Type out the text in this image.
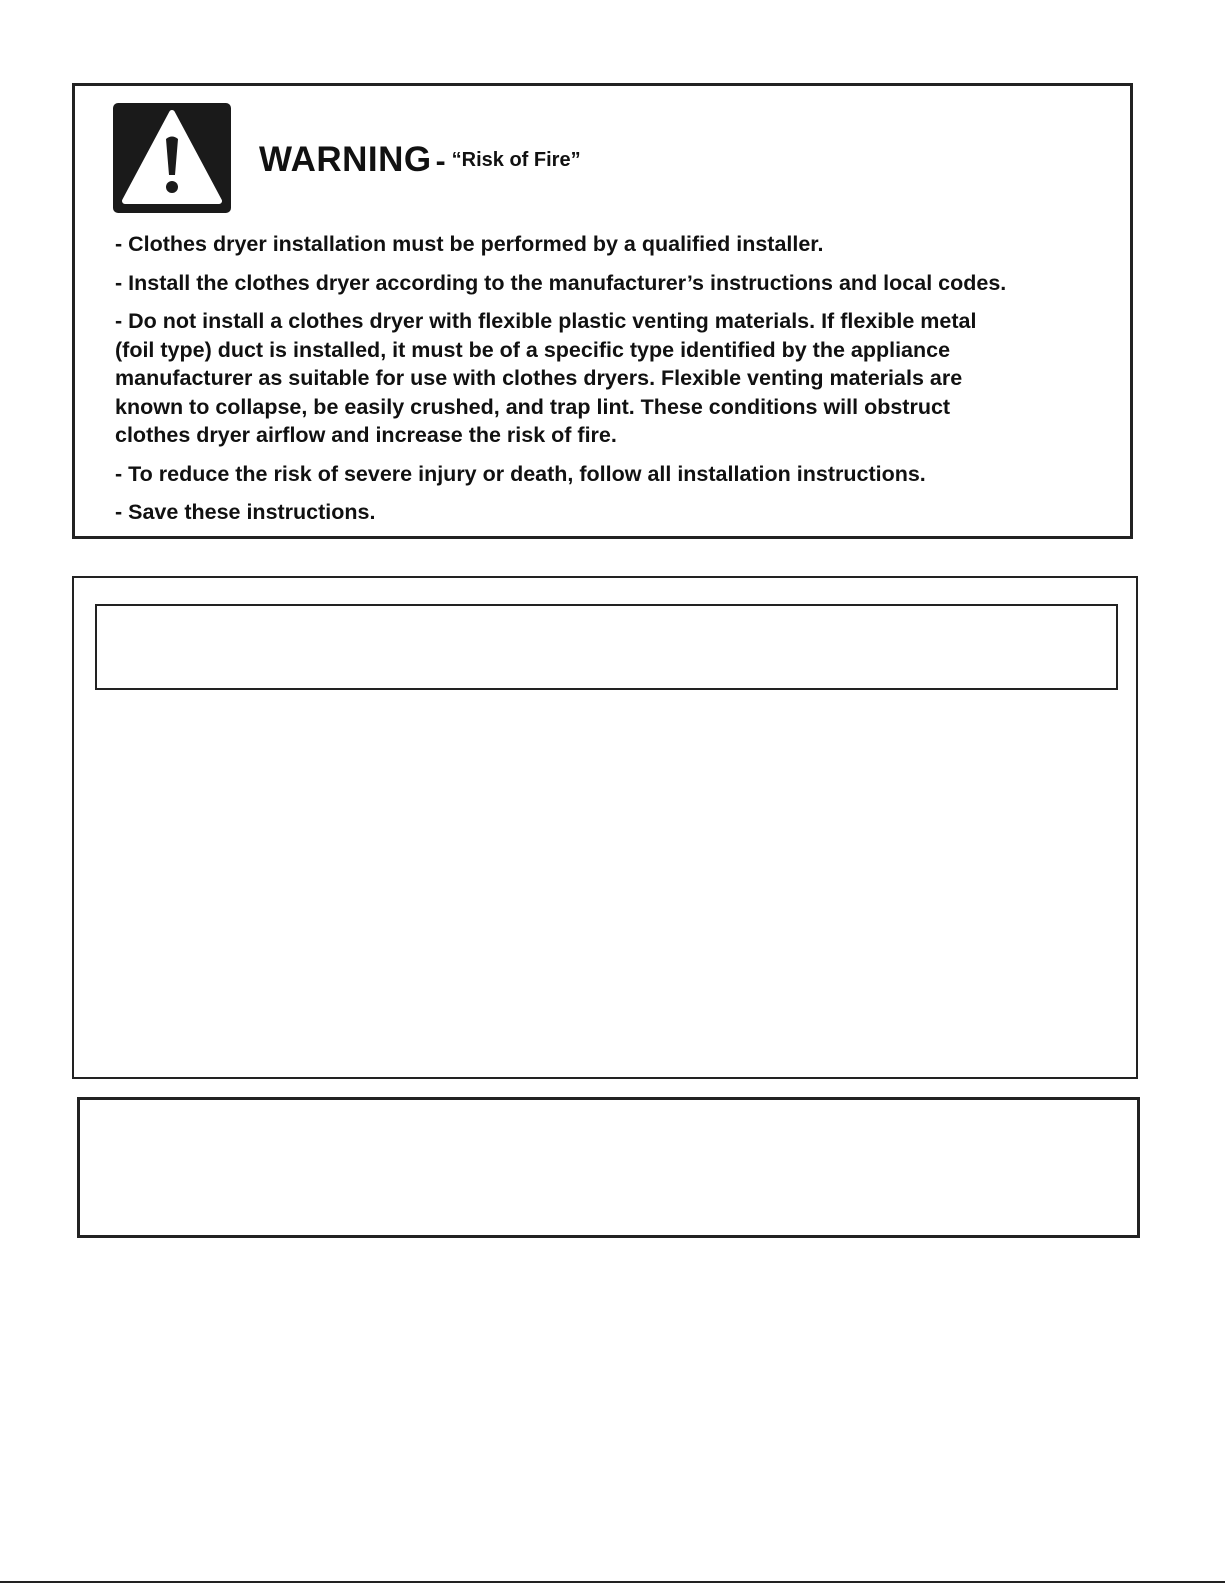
WARNING - “Risk of Fire”
- Clothes dryer installation must be performed by a qualified installer.
- Install the clothes dryer according to the manufacturer’s instructions and local codes.
- Do not install a clothes dryer with flexible plastic venting materials. If flexible metal
(foil type) duct is installed, it must be of a specific type identified by the appliance
manufacturer as suitable for use with clothes dryers. Flexible venting materials are
known to collapse, be easily crushed, and trap lint. These conditions will obstruct
clothes dryer airflow and increase the risk of fire.
- To reduce the risk of severe injury or death, follow all installation instructions.
- Save these instructions.
